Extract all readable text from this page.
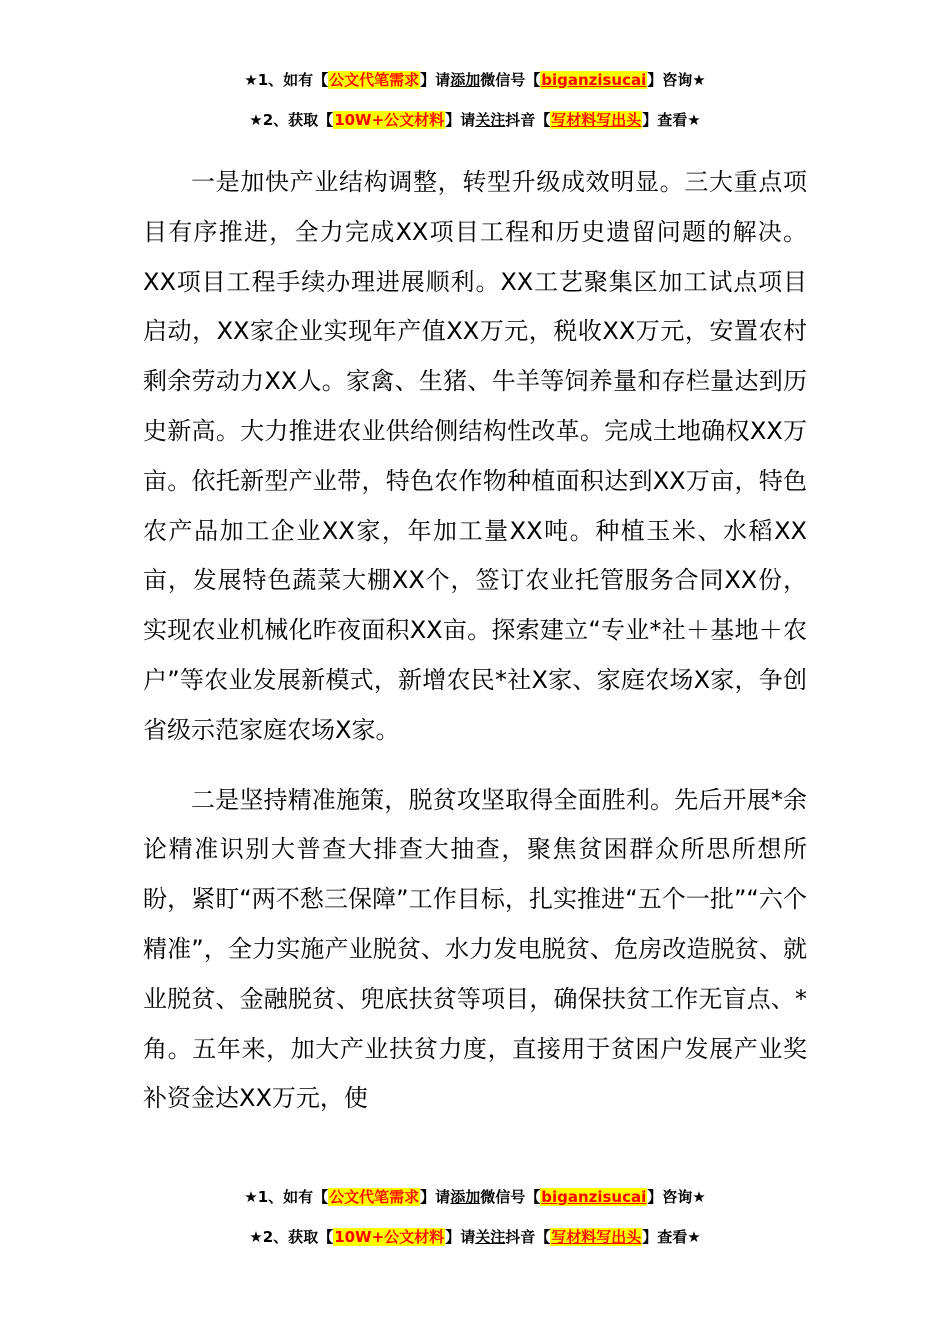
★1、如有【公文代笔需求】请添加微信号【biganzisucai】咨询★
★2、获取【10W+公文材料】请关注抖音【写材料写出头】查看★

一是加快产业结构调整，转型升级成效明显。三大重点项目有序推进，全力完成XX项目工程和历史遗留问题的解决。XX项目工程手续办理进展顺利。XX工艺聚集区加工试点项目启动，XX家企业实现年产值XX万元，税收XX万元，安置农村剩余劳动力XX人。家禽、生猪、牛羊等饲养量和存栏量达到历史新高。大力推进农业供给侧结构性改革。完成土地确权XX万亩。依托新型产业带，特色农作物种植面积达到XX万亩，特色农产品加工企业XX家，年加工量XX吨。种植玉米、水稻XX亩，发展特色蔬菜大棚XX个，签订农业托管服务合同XX份，实现农业机械化昨夜面积XX亩。探索建立“专业*社＋基地＋农户”等农业发展新模式，新增农民*社X家、家庭农场X家，争创省级示范家庭农场X家。

二是坚持精准施策，脱贫攻坚取得全面胜利。先后开展*余论精准识别大普查大排查大抽查，聚焦贫困群众所思所想所盼，紧盯“两不愁三保障”工作目标，扎实推进“五个一批”“六个精准”，全力实施产业脱贫、水力发电脱贫、危房改造脱贫、就业脱贫、金融脱贫、兜底扶贫等项目，确保扶贫工作无盲点、*角。五年来，加大产业扶贫力度，直接用于贫困户发展产业奖补资金达XX万元，使

★1、如有【公文代笔需求】请添加微信号【biganzisucai】咨询★
★2、获取【10W+公文材料】请关注抖音【写材料写出头】查看★
